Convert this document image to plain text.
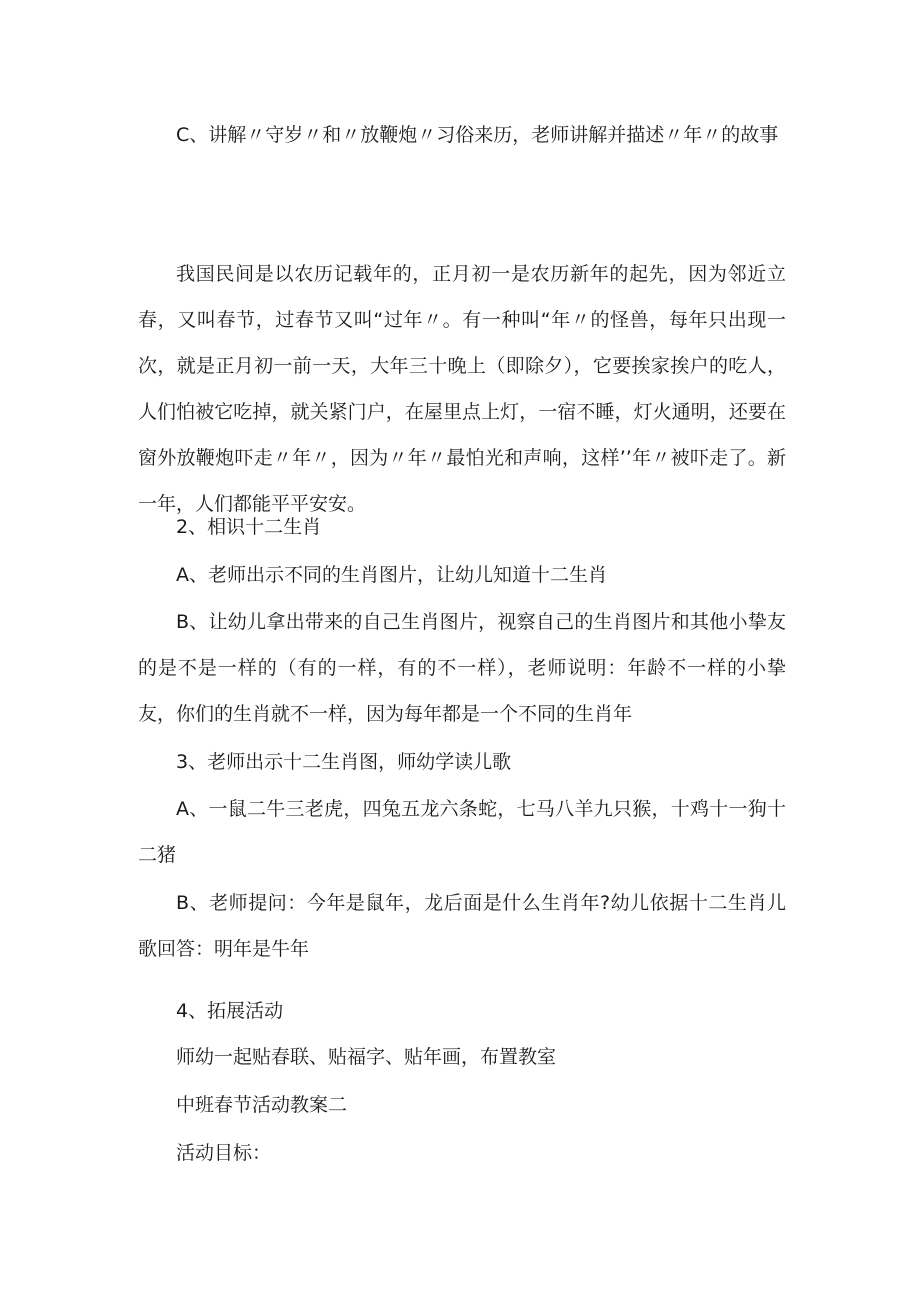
C、讲解〃守岁〃和〃放鞭炮〃习俗来历，老师讲解并描述〃年〃的故事

我国民间是以农历记载年的，正月初一是农历新年的起先，因为邻近立春，又叫春节，过春节又叫“过年〃。有一种叫“年〃的怪兽，每年只出现一次，就是正月初一前一天，大年三十晚上（即除夕），它要挨家挨户的吃人，人们怕被它吃掉，就关紧门户，在屋里点上灯，一宿不睡，灯火通明，还要在窗外放鞭炮吓走〃年〃，因为〃年〃最怕光和声响，这样’’年〃被吓走了。新一年，人们都能平平安安。

2、相识十二生肖

A、老师出示不同的生肖图片，让幼儿知道十二生肖

B、让幼儿拿出带来的自己生肖图片，视察自己的生肖图片和其他小挚友的是不是一样的（有的一样，有的不一样），老师说明：年龄不一样的小挚友，你们的生肖就不一样，因为每年都是一个不同的生肖年

3、老师出示十二生肖图，师幼学读儿歌

A、一鼠二牛三老虎，四兔五龙六条蛇，七马八羊九只猴，十鸡十一狗十二猪

B、老师提问：今年是鼠年，龙后面是什么生肖年?幼儿依据十二生肖儿歌回答：明年是牛年

4、拓展活动

师幼一起贴春联、贴福字、贴年画，布置教室

中班春节活动教案二

活动目标：
